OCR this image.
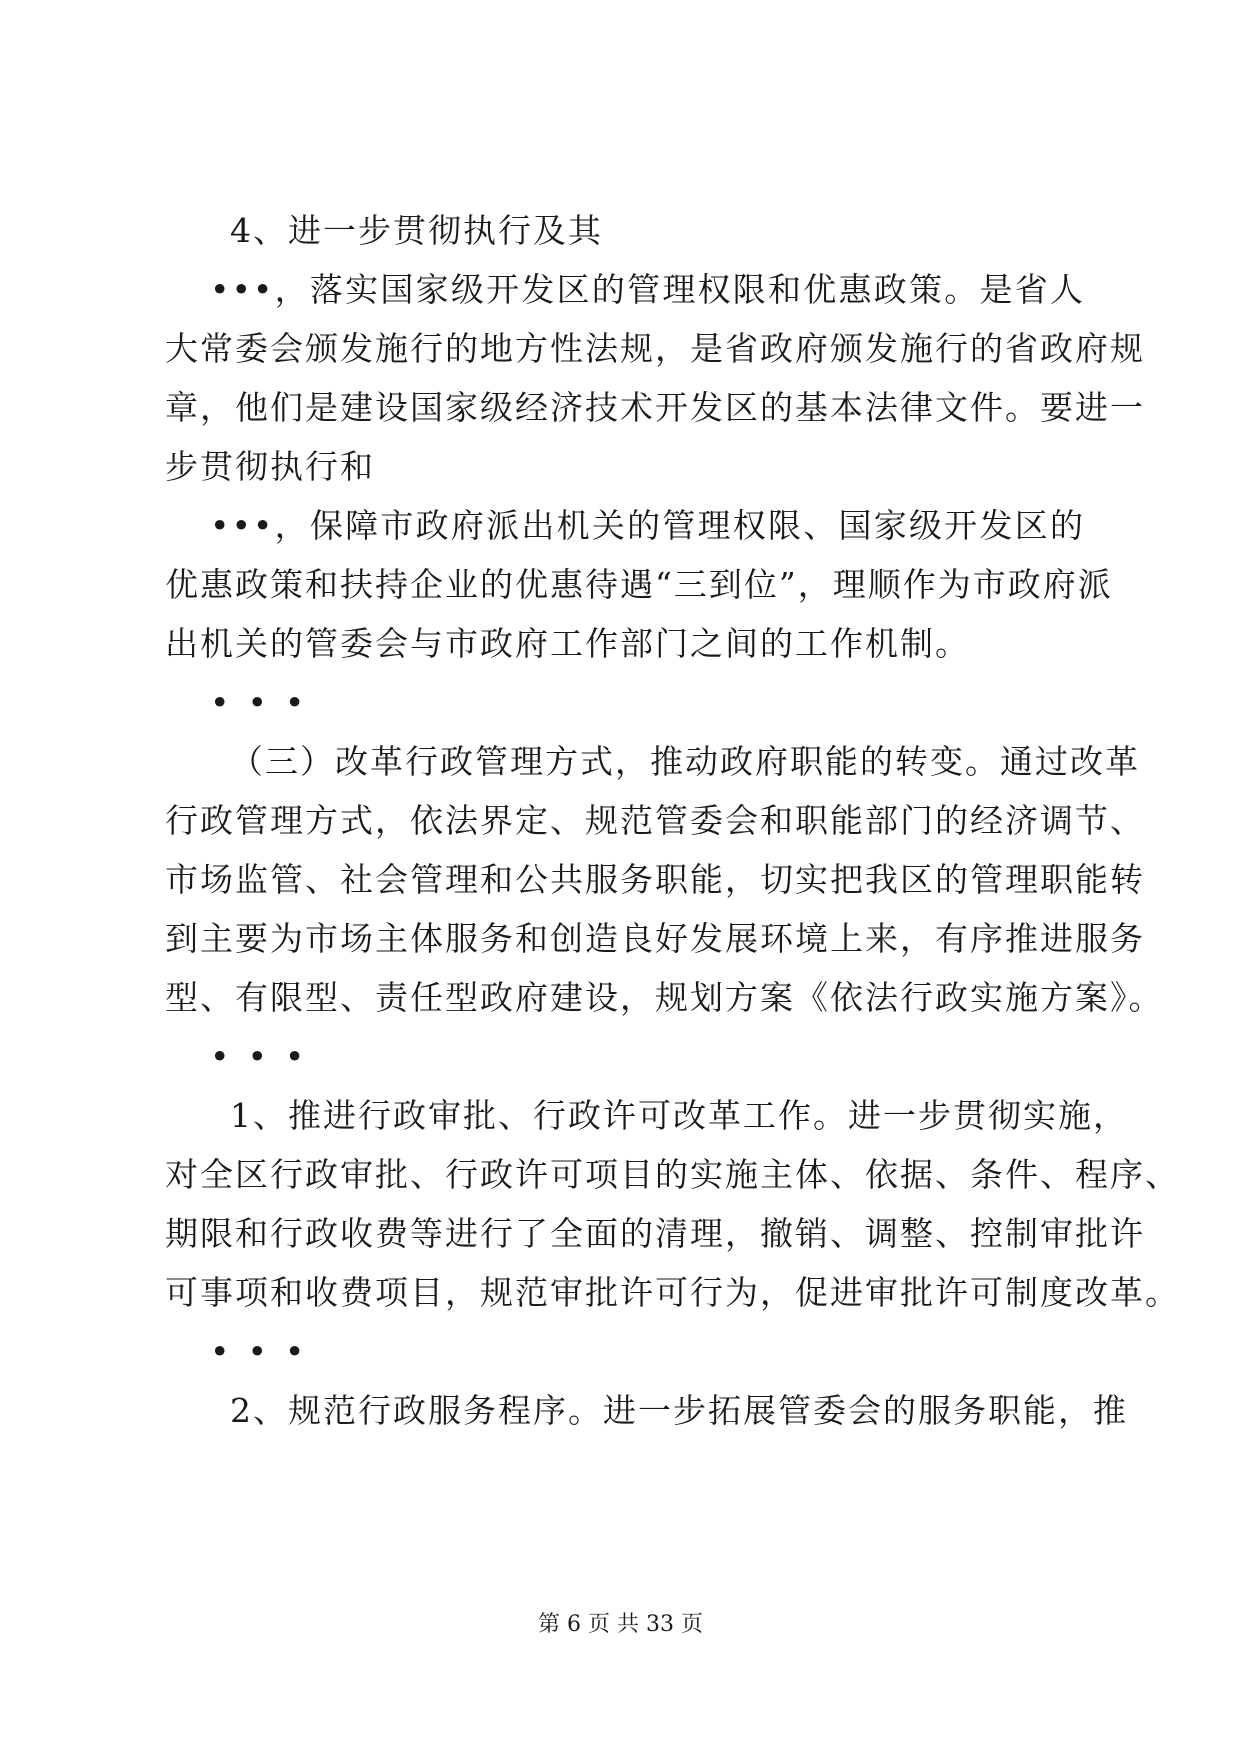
4、进一步贯彻执行及其
•••，落实国家级开发区的管理权限和优惠政策。是省人
大常委会颁发施行的地方性法规，是省政府颁发施行的省政府规
章，他们是建设国家级经济技术开发区的基本法律文件。要进一
步贯彻执行和
•••，保障市政府派出机关的管理权限、国家级开发区的
优惠政策和扶持企业的优惠待遇“三到位”，理顺作为市政府派
出机关的管委会与市政府工作部门之间的工作机制。
•••
（三）改革行政管理方式，推动政府职能的转变。通过改革
行政管理方式，依法界定、规范管委会和职能部门的经济调节、
市场监管、社会管理和公共服务职能，切实把我区的管理职能转
到主要为市场主体服务和创造良好发展环境上来，有序推进服务
型、有限型、责任型政府建设，规划方案《依法行政实施方案》。
•••
1、推进行政审批、行政许可改革工作。进一步贯彻实施，
对全区行政审批、行政许可项目的实施主体、依据、条件、程序、
期限和行政收费等进行了全面的清理，撤销、调整、控制审批许
可事项和收费项目，规范审批许可行为，促进审批许可制度改革。
•••
2、规范行政服务程序。进一步拓展管委会的服务职能，推
第 6 页 共 33 页
